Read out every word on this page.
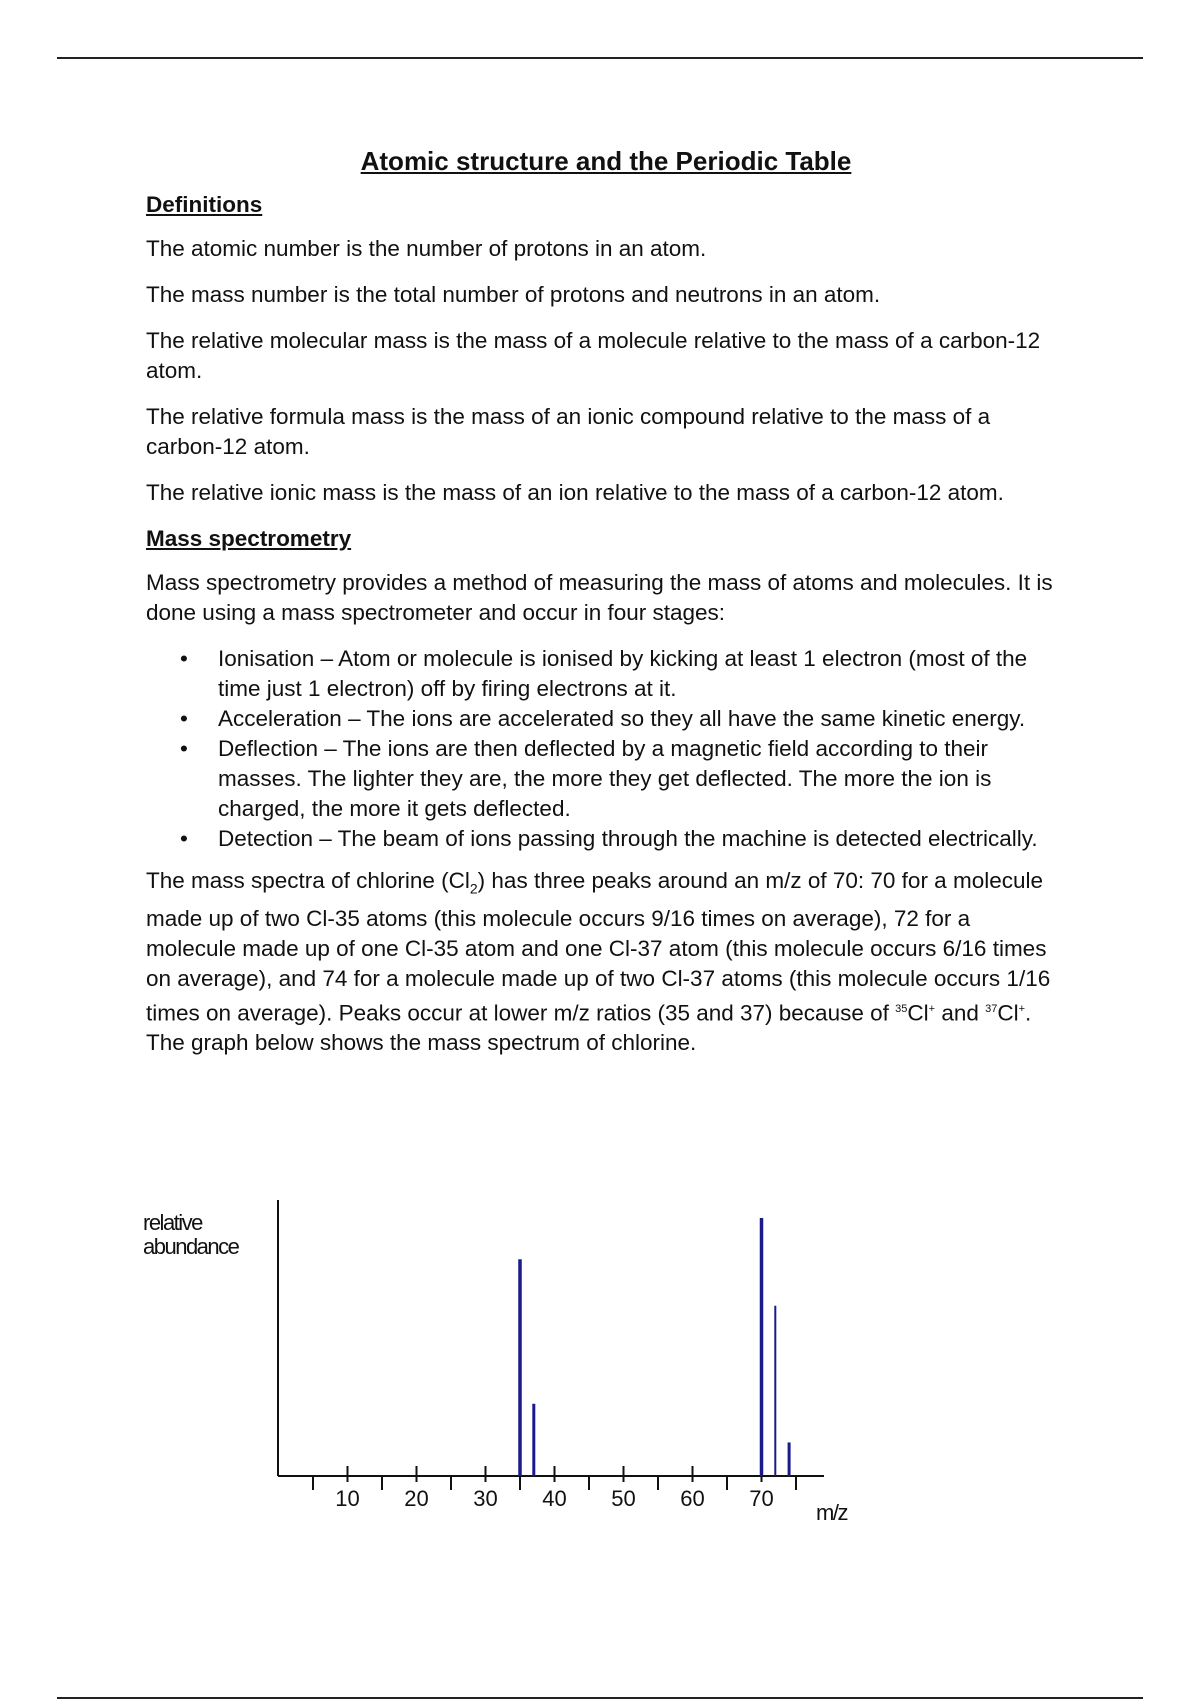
Atomic structure and the Periodic Table
Definitions

The atomic number is the number of protons in an atom.

The mass number is the total number of protons and neutrons in an atom.

The relative molecular mass is the mass of a molecule relative to the mass of a carbon-12 atom.

The relative formula mass is the mass of an ionic compound relative to the mass of a carbon-12 atom.

The relative ionic mass is the mass of an ion relative to the mass of a carbon-12 atom.

Mass spectrometry

Mass spectrometry provides a method of measuring the mass of atoms and molecules. It is done using a mass spectrometer and occur in four stages:

• Ionisation – Atom or molecule is ionised by kicking at least 1 electron (most of the time just 1 electron) off by firing electrons at it.
• Acceleration – The ions are accelerated so they all have the same kinetic energy.
• Deflection – The ions are then deflected by a magnetic field according to their masses. The lighter they are, the more they get deflected. The more the ion is charged, the more it gets deflected.
• Detection – The beam of ions passing through the machine is detected electrically.

The mass spectra of chlorine $(Cl_2)$ has three peaks around an m/z of 70: 70 for a molecule made up of two Cl-35 atoms (this molecule occurs 9/16 times on average), 72 for a molecule made up of one Cl-35 atom and one Cl-37 atom (this molecule occurs 6/16 times on average), and 74 for a molecule made up of two Cl-37 atoms (this molecule occurs 1/16 times on average). Peaks occur at lower m/z ratios (35 and 37) because of $^{35}$Cl+ and $^{37}$Cl+. The graph below shows the mass spectrum of chlorine.

relative
abundance
10 20 30 40 50 60 70
m/z
